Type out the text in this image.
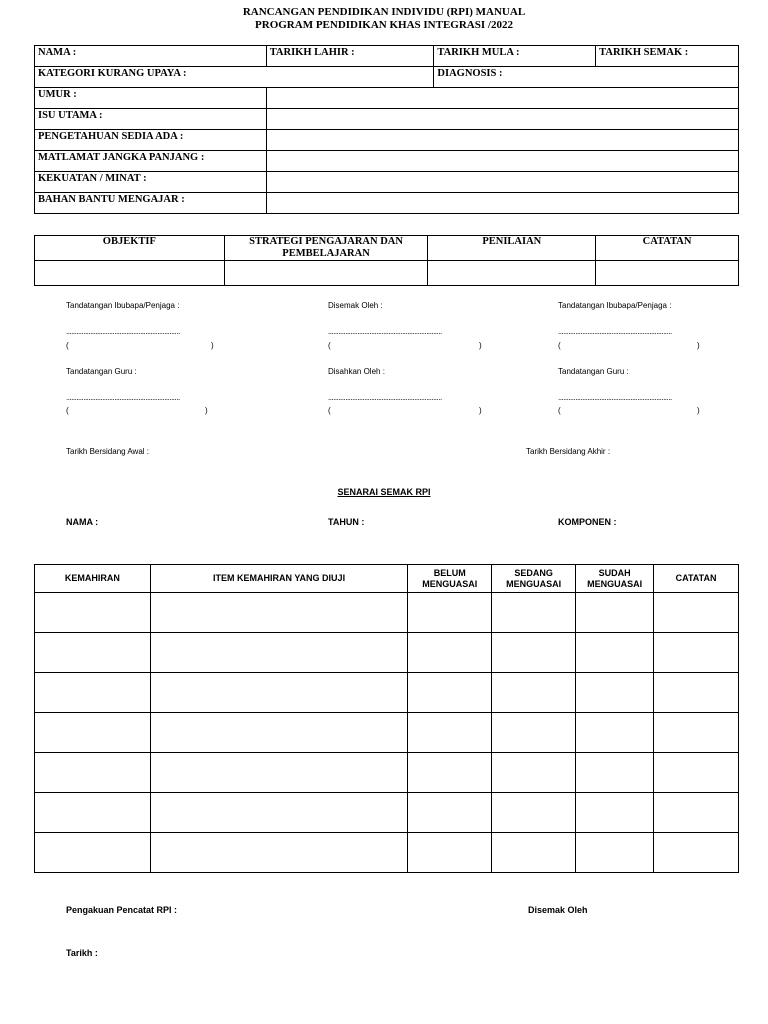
RANCANGAN PENDIDIKAN INDIVIDU (RPI) MANUAL
PROGRAM PENDIDIKAN KHAS INTEGRASI /2022
NAMA :	TARIKH LAHIR :	TARIKH MULA :	TARIKH SEMAK :
KATEGORI KURANG UPAYA :		DIAGNOSIS :	
UMUR :			
ISU UTAMA :			
PENGETAHUAN SEDIA ADA :			
MATLAMAT JANGKA PANJANG :			
KEKUATAN / MINAT :			
BAHAN BANTU MENGAJAR :			
OBJEKTIF	STRATEGI PENGAJARAN DAN PEMBELAJARAN	PENILAIAN	CATATAN

Tandatangan Ibubapa/Penjaga :	Disemak Oleh :	Tandatangan Ibubapa/Penjaga :
..................................................................	..................................................................	..................................................................
(	)	(	)	(	)
Tandatangan Guru :	Disahkan Oleh :	Tandatangan Guru :
..................................................................	..................................................................	..................................................................
(	)	(	)	(	)
Tarikh Bersidang Awal :	Tarikh Bersidang Akhir :
SENARAI SEMAK RPI
NAMA :	TAHUN :	KOMPONEN :
KEMAHIRAN	ITEM KEMAHIRAN YANG DIUJI	BELUM MENGUASAI	SEDANG MENGUASAI	SUDAH MENGUASAI	CATATAN

Pengakuan Pencatat RPI :	Disemak Oleh
Tarikh :
